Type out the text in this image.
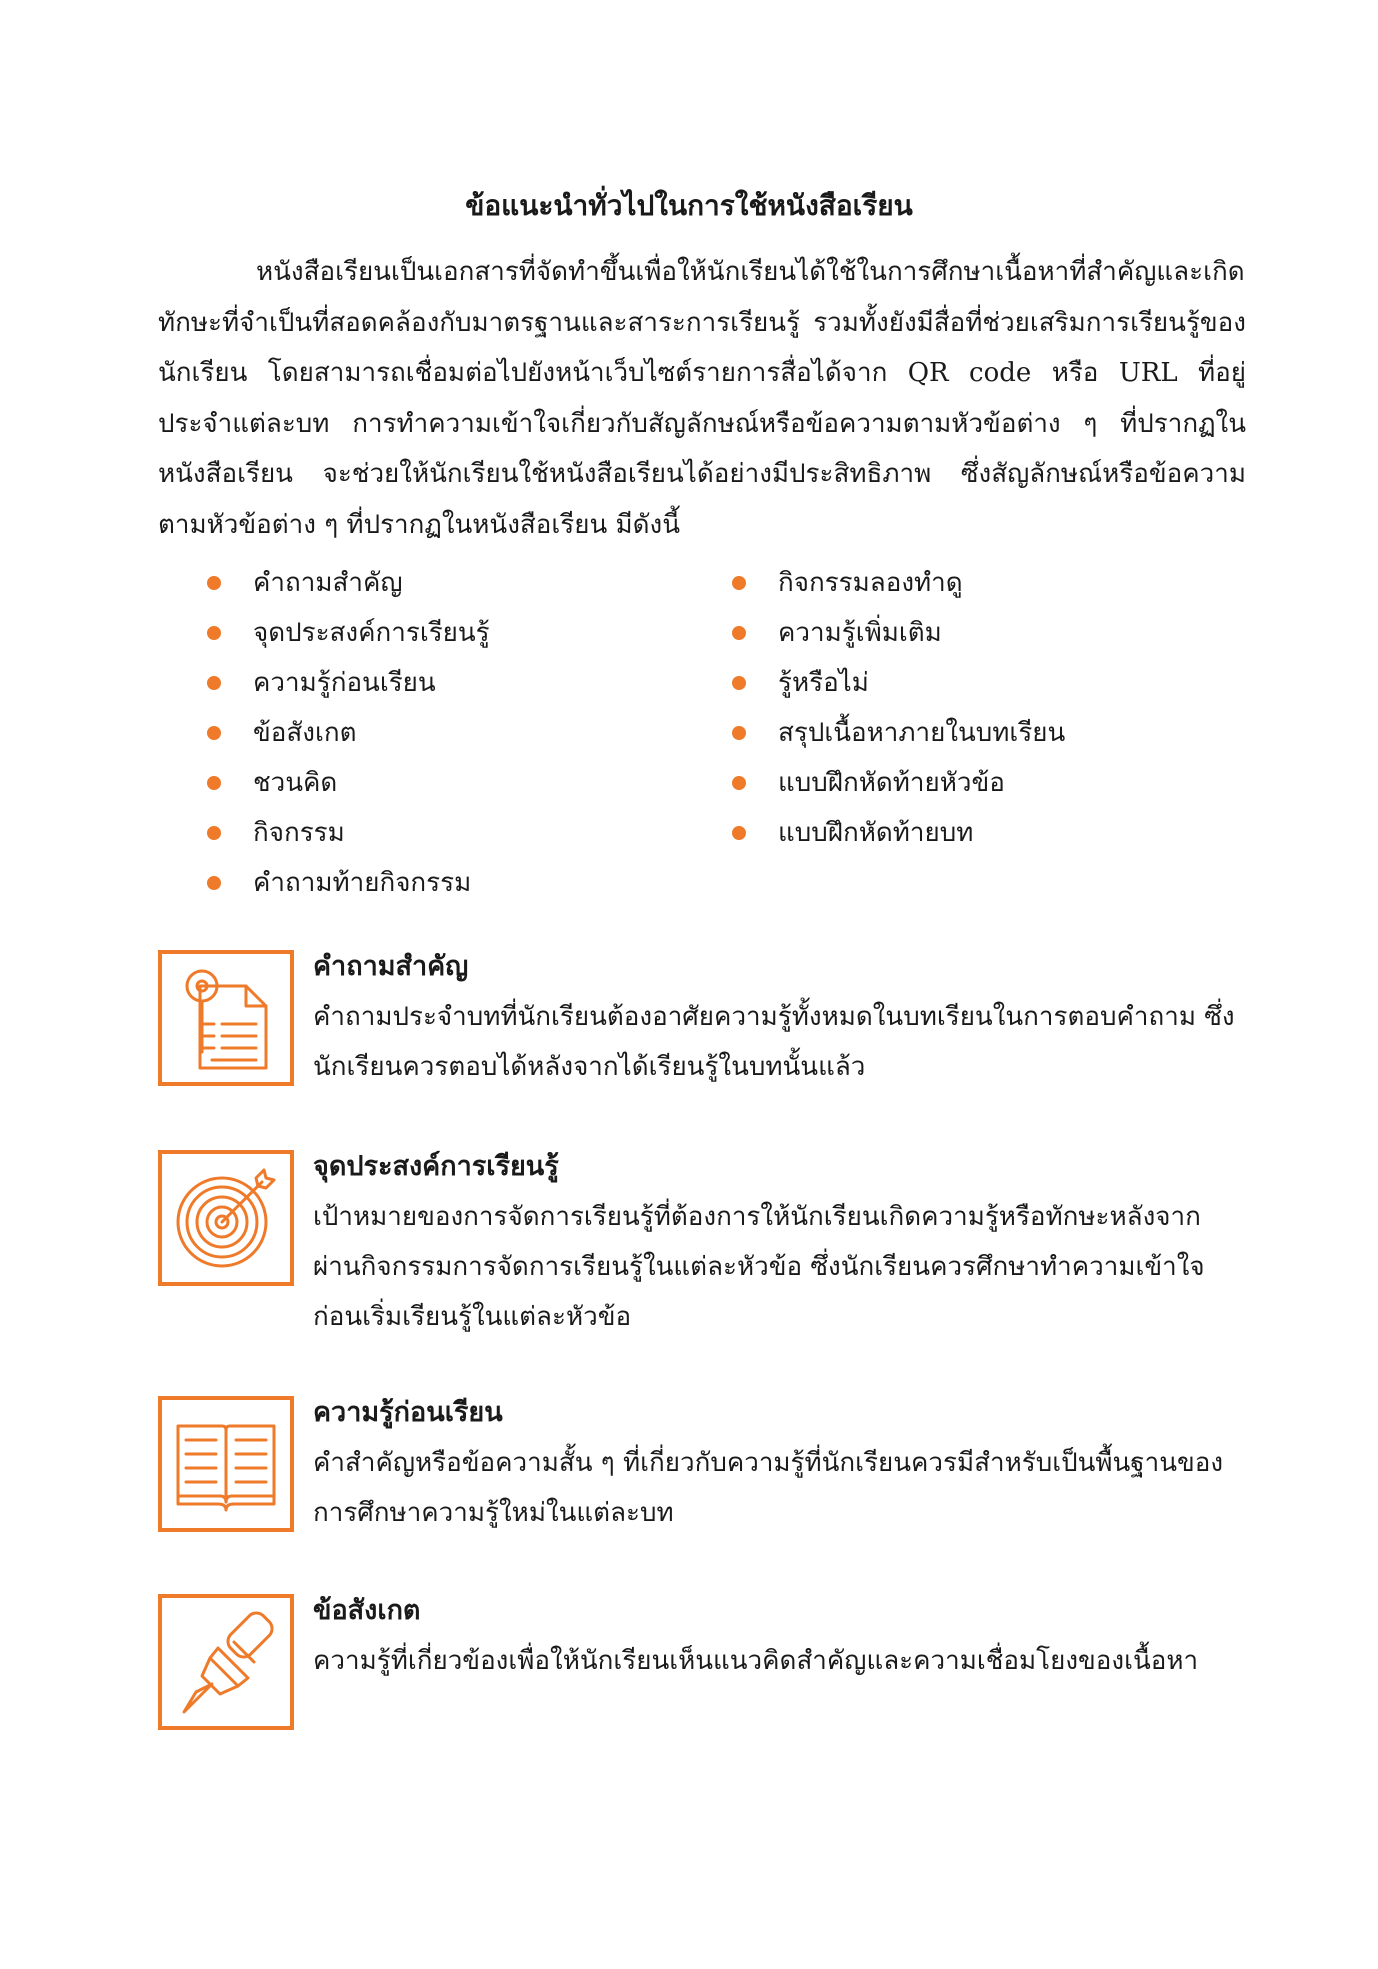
ข้อแนะนำทั่วไปในการใช้หนังสือเรียน

หนังสือเรียนเป็นเอกสารที่จัดทำขึ้นเพื่อให้นักเรียนได้ใช้ในการศึกษาเนื้อหาที่สำคัญและเกิดทักษะที่จำเป็นที่สอดคล้องกับมาตรฐานและสาระการเรียนรู้ รวมทั้งยังมีสื่อที่ช่วยเสริมการเรียนรู้ของนักเรียน โดยสามารถเชื่อมต่อไปยังหน้าเว็บไซต์รายการสื่อได้จาก QR code หรือ URL ที่อยู่ประจำแต่ละบท การทำความเข้าใจเกี่ยวกับสัญลักษณ์หรือข้อความตามหัวข้อต่าง ๆ ที่ปรากฏในหนังสือเรียน จะช่วยให้นักเรียนใช้หนังสือเรียนได้อย่างมีประสิทธิภาพ ซึ่งสัญลักษณ์หรือข้อความตามหัวข้อต่าง ๆ ที่ปรากฏในหนังสือเรียน มีดังนี้

คำถามสำคัญ
จุดประสงค์การเรียนรู้
ความรู้ก่อนเรียน
ข้อสังเกต
ชวนคิด
กิจกรรม
คำถามท้ายกิจกรรม
กิจกรรมลองทำดู
ความรู้เพิ่มเติม
รู้หรือไม่
สรุปเนื้อหาภายในบทเรียน
แบบฝึกหัดท้ายหัวข้อ
แบบฝึกหัดท้ายบท
คำถามสำคัญ

คำถามประจำบทที่นักเรียนต้องอาศัยความรู้ทั้งหมดในบทเรียนในการตอบคำถาม ซึ่งนักเรียนควรตอบได้หลังจากได้เรียนรู้ในบทนั้นแล้ว

จุดประสงค์การเรียนรู้

เป้าหมายของการจัดการเรียนรู้ที่ต้องการให้นักเรียนเกิดความรู้หรือทักษะหลังจากผ่านกิจกรรมการจัดการเรียนรู้ในแต่ละหัวข้อ ซึ่งนักเรียนควรศึกษาทำความเข้าใจก่อนเริ่มเรียนรู้ในแต่ละหัวข้อ

ความรู้ก่อนเรียน

คำสำคัญหรือข้อความสั้น ๆ ที่เกี่ยวกับความรู้ที่นักเรียนควรมีสำหรับเป็นพื้นฐานของการศึกษาความรู้ใหม่ในแต่ละบท

ข้อสังเกต

ความรู้ที่เกี่ยวข้องเพื่อให้นักเรียนเห็นแนวคิดสำคัญและความเชื่อมโยงของเนื้อหา
